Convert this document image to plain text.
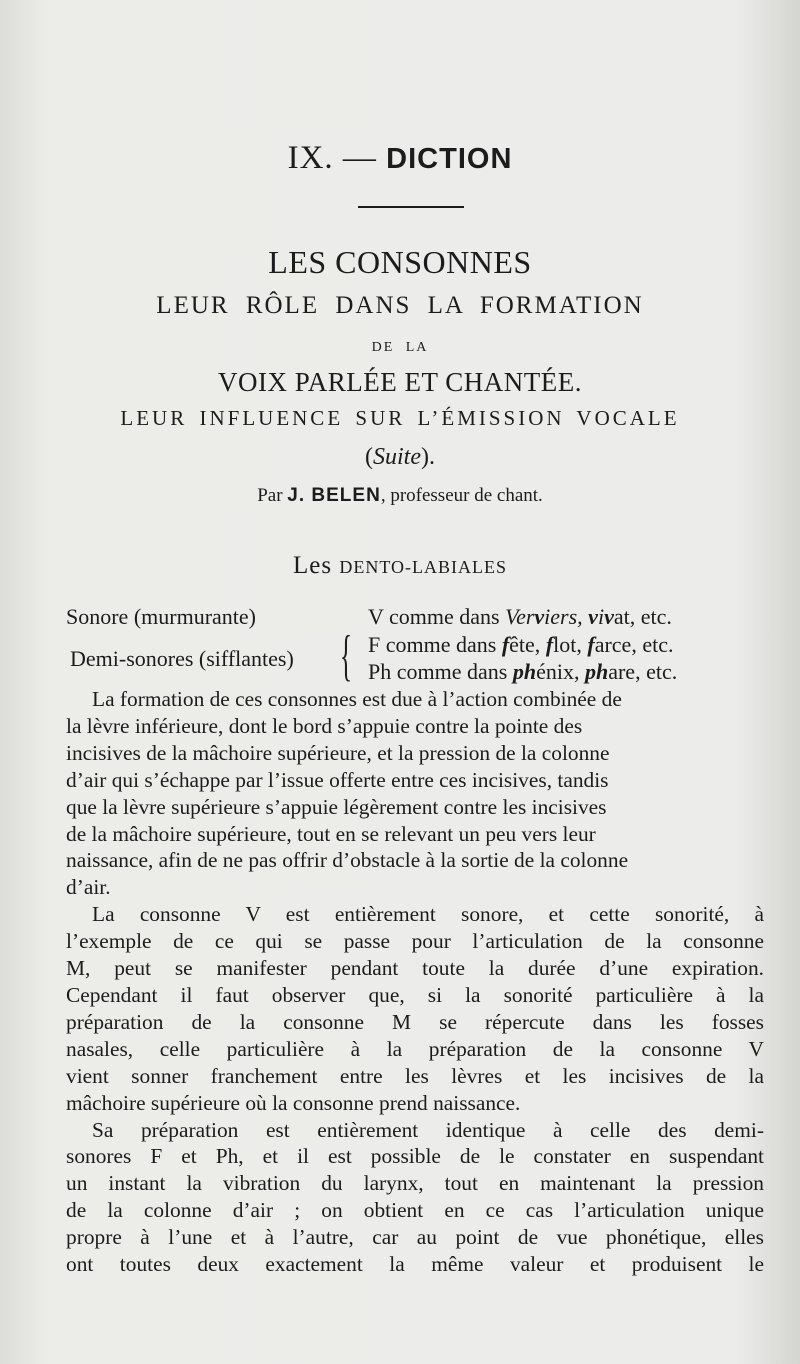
IX. — DICTION
LES CONSONNES
LEUR RÔLE DANS LA FORMATION
DE LA
VOIX PARLÉE ET CHANTÉE.
LEUR INFLUENCE SUR L’ÉMISSION VOCALE
(Suite).
Par J. BELEN, professeur de chant.
Les DENTO-LABIALES
Sonore (murmurante)	V comme dans Verviers, vivat, etc.
Demi-sonores (sifflantes) { F comme dans fête, flot, farce, etc.
Ph comme dans phénix, phare, etc.

La formation de ces consonnes est due à l’action combinée de
la lèvre inférieure, dont le bord s’appuie contre la pointe des
incisives de la mâchoire supérieure, et la pression de la colonne
d’air qui s’échappe par l’issue offerte entre ces incisives, tandis
que la lèvre supérieure s’appuie légèrement contre les incisives
de la mâchoire supérieure, tout en se relevant un peu vers leur
naissance, afin de ne pas offrir d’obstacle à la sortie de la colonne
d’air.

La consonne V est entièrement sonore, et cette sonorité, à
l’exemple de ce qui se passe pour l’articulation de la consonne
M, peut se manifester pendant toute la durée d’une expiration.
Cependant il faut observer que, si la sonorité particulière à la
préparation de la consonne M se répercute dans les fosses
nasales, celle particulière à la préparation de la consonne V
vient sonner franchement entre les lèvres et les incisives de la
mâchoire supérieure où la consonne prend naissance.

Sa préparation est entièrement identique à celle des demi-
sonores F et Ph, et il est possible de le constater en suspendant
un instant la vibration du larynx, tout en maintenant la pression
de la colonne d’air ; on obtient en ce cas l’articulation unique
propre à l’une et à l’autre, car au point de vue phonétique, elles
ont toutes deux exactement la même valeur et produisent le
